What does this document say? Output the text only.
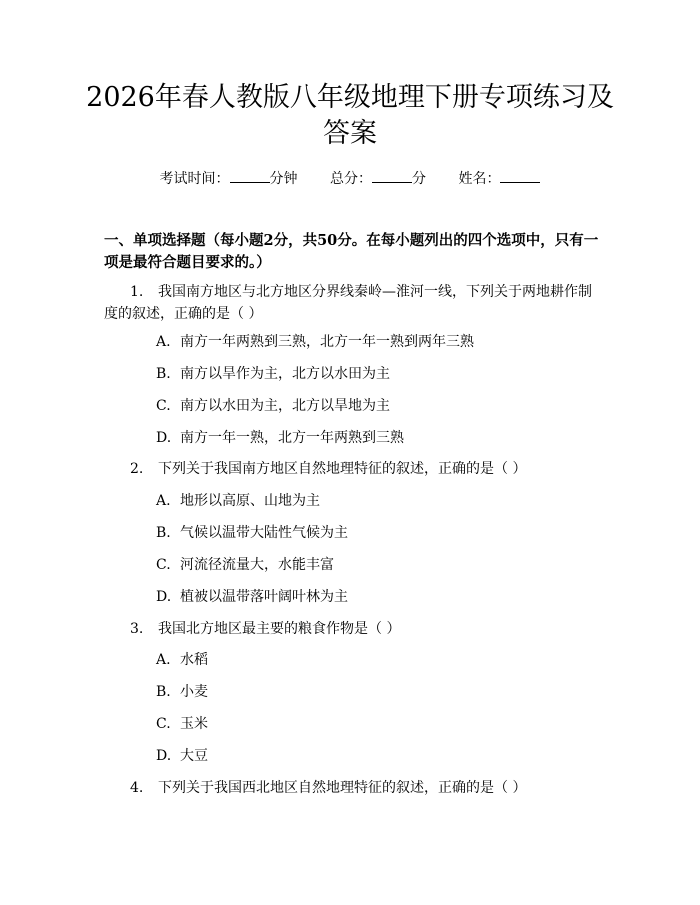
2026年春人教版八年级地理下册专项练习及
答案
考试时间：	分钟 总分：	分 姓名：

一、单项选择题（每小题2分，共50分。在每小题列出的四个选项中，只有一项是最符合题目要求的。）

1. 我国南方地区与北方地区分界线秦岭—淮河一线，下列关于两地耕作制度的叙述，正确的是（ ）
A. 南方一年两熟到三熟，北方一年一熟到两年三熟
B. 南方以旱作为主，北方以水田为主
C. 南方以水田为主，北方以旱地为主
D. 南方一年一熟，北方一年两熟到三熟
2. 下列关于我国南方地区自然地理特征的叙述，正确的是（ ）
A. 地形以高原、山地为主
B. 气候以温带大陆性气候为主
C. 河流径流量大，水能丰富
D. 植被以温带落叶阔叶林为主
3. 我国北方地区最主要的粮食作物是（ ）
A. 水稻
B. 小麦
C. 玉米
D. 大豆
4. 下列关于我国西北地区自然地理特征的叙述，正确的是（ ）
